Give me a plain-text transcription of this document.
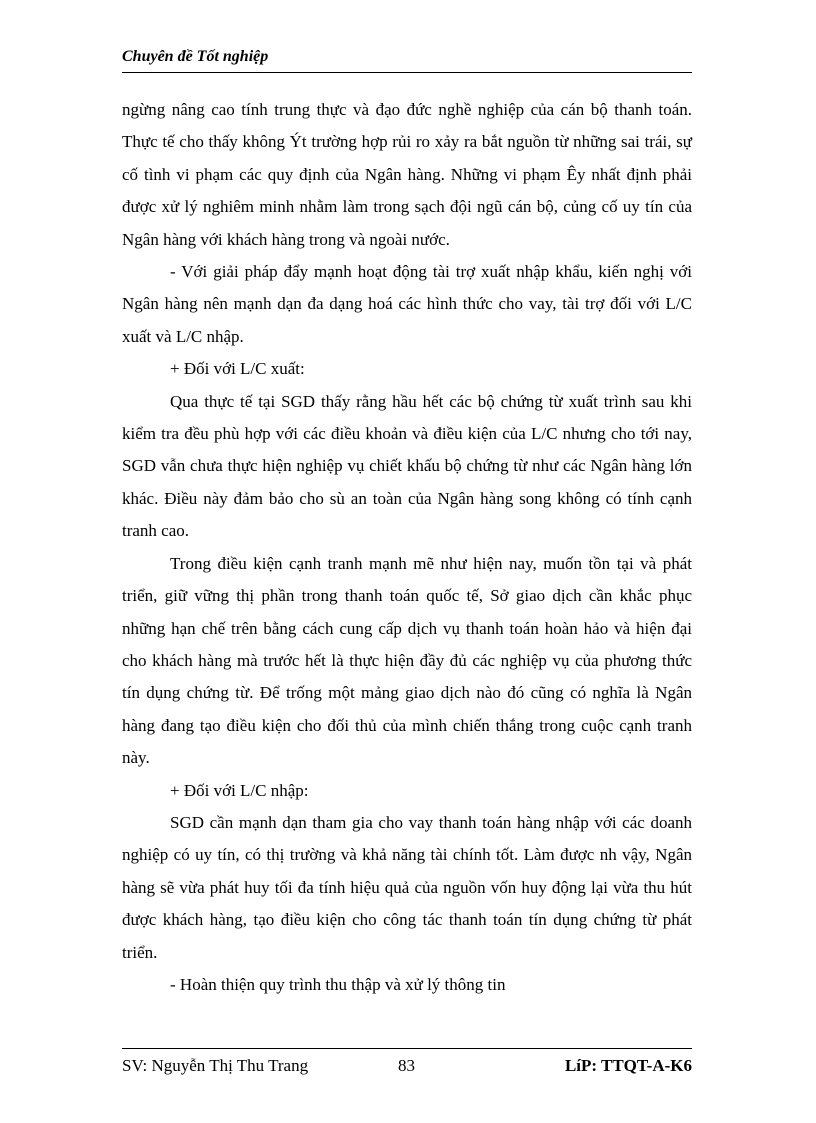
Chuyên đề Tốt nghiệp

ngừng nâng cao tính trung thực và đạo đức nghề nghiệp của cán bộ thanh toán. Thực tế cho thấy không Ýt trường hợp rủi ro xảy ra bắt nguồn từ những sai trái, sự cố tình vi phạm các quy định của Ngân hàng. Những vi phạm Êy nhất định phải được xử lý nghiêm minh nhằm làm trong sạch đội ngũ cán bộ, củng cố uy tín của Ngân hàng với khách hàng trong và ngoài nước.

- Với giải pháp đẩy mạnh hoạt động tài trợ xuất nhập khẩu, kiến nghị với Ngân hàng nên mạnh dạn đa dạng hoá các hình thức cho vay, tài trợ đối với L/C xuất và L/C nhập.

+ Đối với L/C xuất:

Qua thực tế tại SGD thấy rằng hầu hết các bộ chứng từ xuất trình sau khi kiểm tra đều phù hợp với các điều khoản và điều kiện của L/C nhưng cho tới nay, SGD vẫn chưa thực hiện nghiệp vụ chiết khấu bộ chứng từ như các Ngân hàng lớn khác. Điều này đảm bảo cho sù an toàn của Ngân hàng song không có tính cạnh tranh cao.

Trong điều kiện cạnh tranh mạnh mẽ như hiện nay, muốn tồn tại và phát triển, giữ vững thị phần trong thanh toán quốc tế, Sở giao dịch cần khắc phục những hạn chế trên bằng cách cung cấp dịch vụ thanh toán hoàn hảo và hiện đại cho khách hàng mà trước hết là thực hiện đầy đủ các nghiệp vụ của phương thức tín dụng chứng từ. Để trống một mảng giao dịch nào đó cũng có nghĩa là Ngân hàng đang tạo điều kiện cho đối thủ của mình chiến thắng trong cuộc cạnh tranh này.

+ Đối với L/C nhập:

SGD cần mạnh dạn tham gia cho vay thanh toán hàng nhập với các doanh nghiệp có uy tín, có thị trường và khả năng tài chính tốt. Làm được nh vậy, Ngân hàng sẽ vừa phát huy tối đa tính hiệu quả của nguồn vốn huy động lại vừa thu hút được khách hàng, tạo điều kiện cho công tác thanh toán tín dụng chứng từ phát triển.

- Hoàn thiện quy trình thu thập và xử lý thông tin

SV: Nguyễn Thị Thu Trang	83	LíP: TTQT-A-K6
